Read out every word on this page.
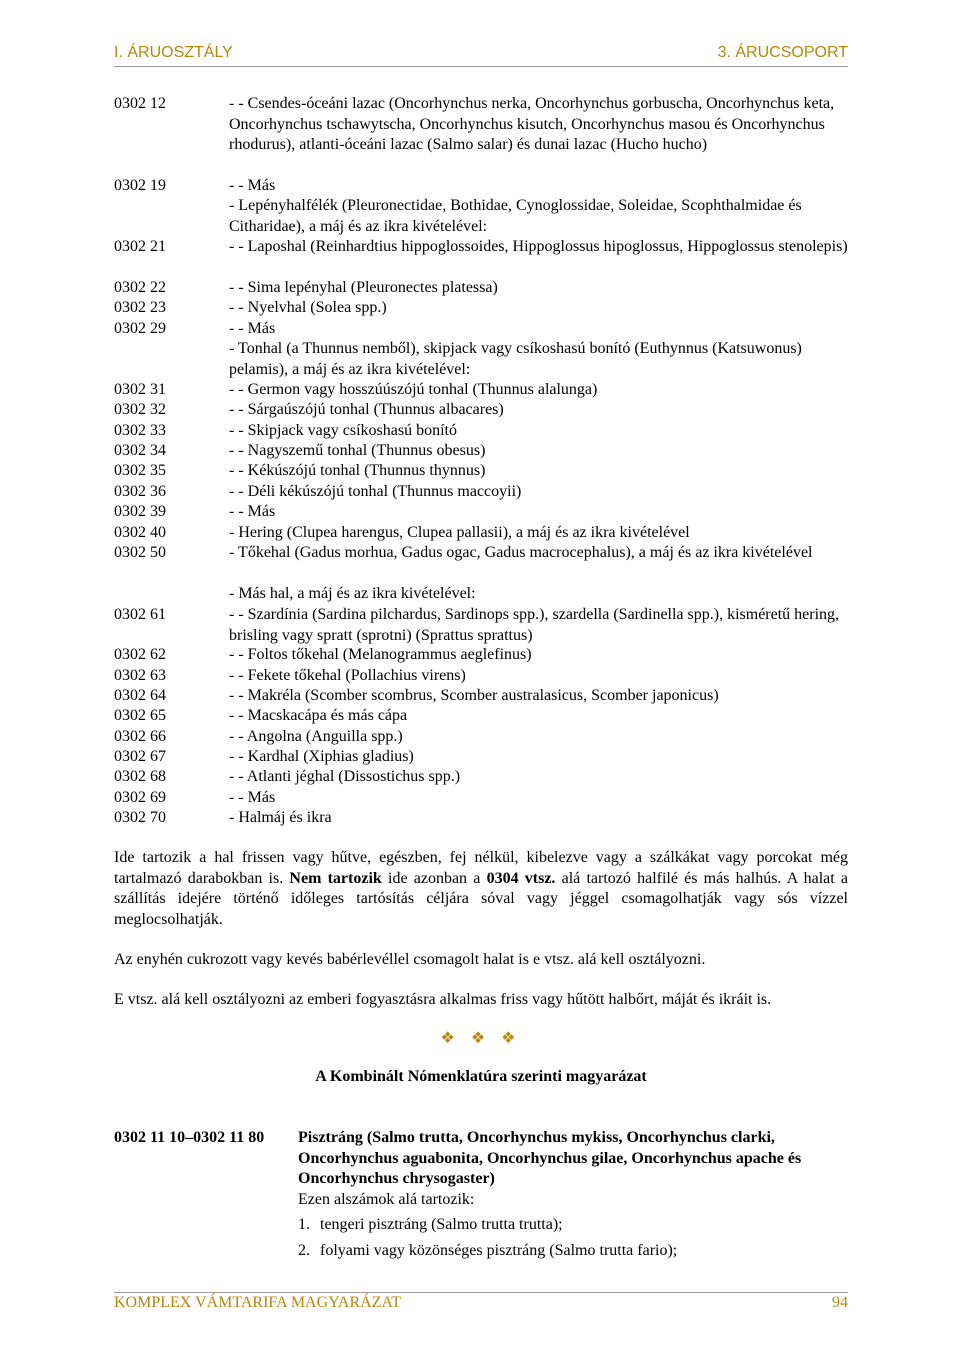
I. ÁRUOSZTÁLY	3. ÁRUCSOPORT
0302 12	- - Csendes-óceáni lazac (Oncorhynchus nerka, Oncorhynchus gorbuscha, Oncorhynchus keta, Oncorhynchus tschawytscha, Oncorhynchus kisutch, Oncorhynchus masou és Oncorhynchus rhodurus), atlanti-óceáni lazac (Salmo salar) és dunai lazac (Hucho hucho)
0302 19	- - Más
- Lepényhalfélék (Pleuronectidae, Bothidae, Cynoglossidae, Soleidae, Scophthalmidae és Citharidae), a máj és az ikra kivételével:
0302 21	- - Laposhal (Reinhardtius hippoglossoides, Hippoglossus hipoglossus, Hippoglossus stenolepis)
0302 22	- - Sima lepényhal (Pleuronectes platessa)
0302 23	- - Nyelvhal (Solea spp.)
0302 29	- - Más
- Tonhal (a Thunnus nemből), skipjack vagy csíkoshasú bonító (Euthynnus (Katsuwonus) pelamis), a máj és az ikra kivételével:
0302 31	- - Germon vagy hosszúúszójú tonhal (Thunnus alalunga)
0302 32	- - Sárgaúszójú tonhal (Thunnus albacares)
0302 33	- - Skipjack vagy csíkoshasú bonító
0302 34	- - Nagyszemű tonhal (Thunnus obesus)
0302 35	- - Kékúszójú tonhal (Thunnus thynnus)
0302 36	- - Déli kékúszójú tonhal (Thunnus maccoyii)
0302 39	- - Más
0302 40	- Hering (Clupea harengus, Clupea pallasii), a máj és az ikra kivételével
0302 50	- Tőkehal (Gadus morhua, Gadus ogac, Gadus macrocephalus), a máj és az ikra kivételével
- Más hal, a máj és az ikra kivételével:
0302 61	- - Szardínia (Sardina pilchardus, Sardinops spp.), szardella (Sardinella spp.), kisméretű hering, brisling vagy spratt (sprotni) (Sprattus sprattus)
0302 62	- - Foltos tőkehal (Melanogrammus aeglefinus)
0302 63	- - Fekete tőkehal (Pollachius virens)
0302 64	- - Makréla (Scomber scombrus, Scomber australasicus, Scomber japonicus)
0302 65	- - Macskacápa és más cápa
0302 66	- - Angolna (Anguilla spp.)
0302 67	- - Kardhal (Xiphias gladius)
0302 68	- - Atlanti jéghal (Dissostichus spp.)
0302 69	- - Más
0302 70	- Halmáj és ikra
Ide tartozik a hal frissen vagy hűtve, egészben, fej nélkül, kibelezve vagy a szálkákat vagy porcokat még tartalmazó darabokban is. Nem tartozik ide azonban a 0304 vtsz. alá tartozó halfilé és más halhús. A halat a szállítás idejére történő időleges tartósítás céljára sóval vagy jéggel csomagolhatják vagy sós vízzel meglocsolhatják.
Az enyhén cukrozott vagy kevés babérlevéllel csomagolt halat is e vtsz. alá kell osztályozni.
E vtsz. alá kell osztályozni az emberi fogyasztásra alkalmas friss vagy hűtött halbőrt, máját és ikráit is.
❖ ❖ ❖
A Kombinált Nómenklatúra szerinti magyarázat
0302 11 10–0302 11 80 Pisztráng (Salmo trutta, Oncorhynchus mykiss, Oncorhynchus clarki, Oncorhynchus aguabonita, Oncorhynchus gilae, Oncorhynchus apache és Oncorhynchus chrysogaster)
Ezen alszámok alá tartozik:
1. tengeri pisztráng (Salmo trutta trutta);
2. folyami vagy közönséges pisztráng (Salmo trutta fario);
KOMPLEX VÁMTARIFA MAGYARÁZAT	94
